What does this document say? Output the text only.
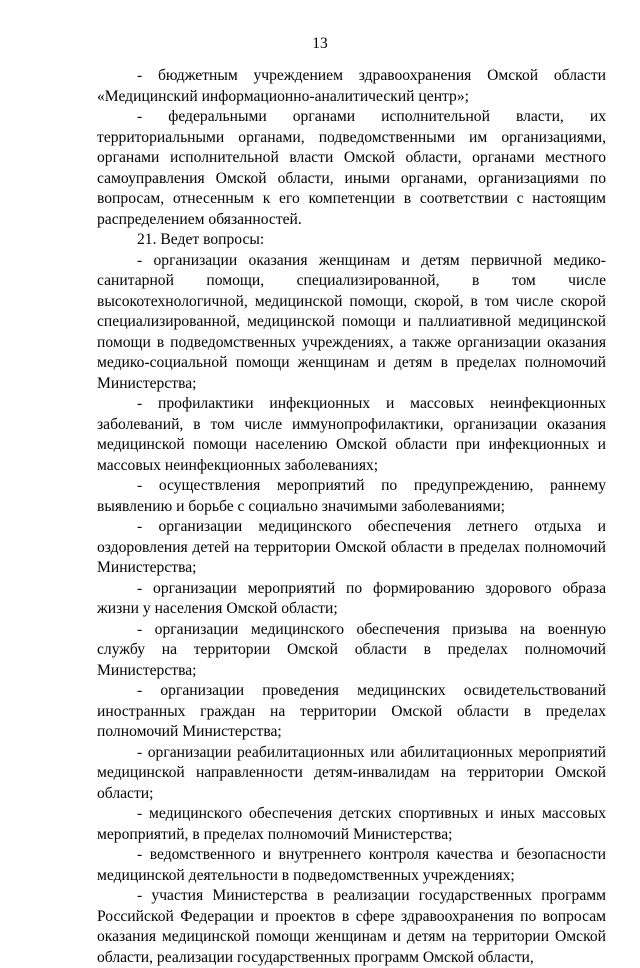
13

- бюджетным учреждением здравоохранения Омской области «Медицинский информационно-аналитический центр»;

- федеральными органами исполнительной власти, их территориальными органами, подведомственными им организациями, органами исполнительной власти Омской области, органами местного самоуправления Омской области, иными органами, организациями по вопросам, отнесенным к его компетенции в соответствии с настоящим распределением обязанностей.

21. Ведет вопросы:

- организации оказания женщинам и детям первичной медико-санитарной помощи, специализированной, в том числе высокотехнологичной, медицинской помощи, скорой, в том числе скорой специализированной, медицинской помощи и паллиативной медицинской помощи в подведомственных учреждениях, а также организации оказания медико-социальной помощи женщинам и детям в пределах полномочий Министерства;

- профилактики инфекционных и массовых неинфекционных заболеваний, в том числе иммунопрофилактики, организации оказания медицинской помощи населению Омской области при инфекционных и массовых неинфекционных заболеваниях;

- осуществления мероприятий по предупреждению, раннему выявлению и борьбе с социально значимыми заболеваниями;

- организации медицинского обеспечения летнего отдыха и оздоровления детей на территории Омской области в пределах полномочий Министерства;

- организации мероприятий по формированию здорового образа жизни у населения Омской области;

- организации медицинского обеспечения призыва на военную службу на территории Омской области в пределах полномочий Министерства;

- организации проведения медицинских освидетельствований иностранных граждан на территории Омской области в пределах полномочий Министерства;

- организации реабилитационных или абилитационных мероприятий медицинской направленности детям-инвалидам на территории Омской области;

- медицинского обеспечения детских спортивных и иных массовых мероприятий, в пределах полномочий Министерства;

- ведомственного и внутреннего контроля качества и безопасности медицинской деятельности в подведомственных учреждениях;

- участия Министерства в реализации государственных программ Российской Федерации и проектов в сфере здравоохранения по вопросам оказания медицинской помощи женщинам и детям на территории Омской области, реализации государственных программ Омской области,
